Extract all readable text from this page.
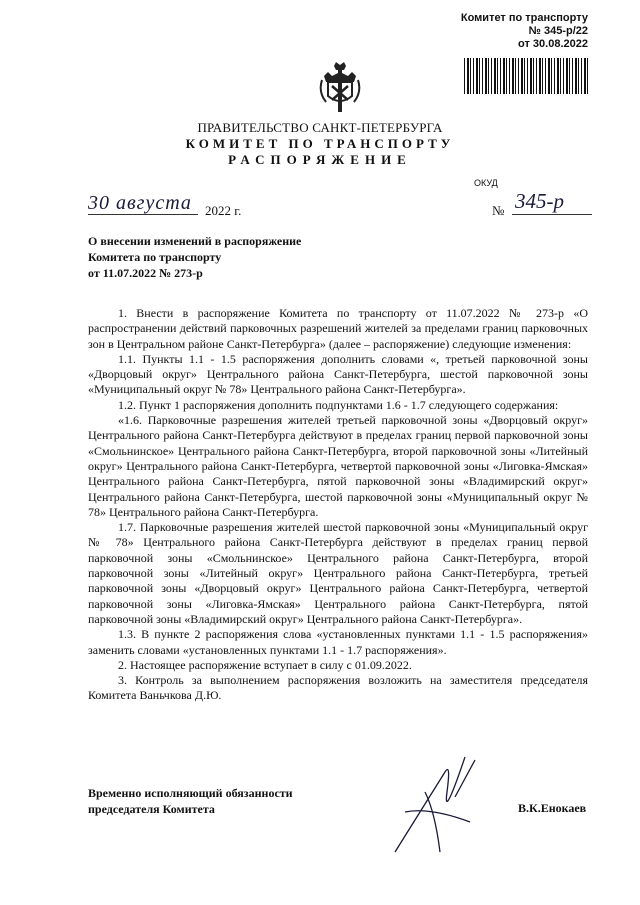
Комитет по транспорту
№ 345-р/22
от 30.08.2022
ПРАВИТЕЛЬСТВО САНКТ-ПЕТЕРБУРГА
КОМИТЕТ ПО ТРАНСПОРТУ
РАСПОРЯЖЕНИЕ
ОКУД
30 августа 2022 г.	№ 345-р
О внесении изменений в распоряжение
Комитета по транспорту
от 11.07.2022 № 273-р

1. Внести в распоряжение Комитета по транспорту от 11.07.2022 № 273-р «О распространении действий парковочных разрешений жителей за пределами границ парковочных зон в Центральном районе Санкт-Петербурга» (далее – распоряжение) следующие изменения:

1.1. Пункты 1.1 - 1.5 распоряжения дополнить словами «, третьей парковочной зоны «Дворцовый округ» Центрального района Санкт-Петербурга, шестой парковочной зоны «Муниципальный округ № 78» Центрального района Санкт-Петербурга».

1.2. Пункт 1 распоряжения дополнить подпунктами 1.6 - 1.7 следующего содержания:

«1.6. Парковочные разрешения жителей третьей парковочной зоны «Дворцовый округ» Центрального района Санкт-Петербурга действуют в пределах границ первой парковочной зоны «Смольнинское» Центрального района Санкт-Петербурга, второй парковочной зоны «Литейный округ» Центрального района Санкт-Петербурга, четвертой парковочной зоны «Лиговка-Ямская» Центрального района Санкт-Петербурга, пятой парковочной зоны «Владимирский округ» Центрального района Санкт-Петербурга, шестой парковочной зоны «Муниципальный округ № 78» Центрального района Санкт-Петербурга.

1.7. Парковочные разрешения жителей шестой парковочной зоны «Муниципальный округ № 78» Центрального района Санкт-Петербурга действуют в пределах границ первой парковочной зоны «Смольнинское» Центрального района Санкт-Петербурга, второй парковочной зоны «Литейный округ» Центрального района Санкт-Петербурга, третьей парковочной зоны «Дворцовый округ» Центрального района Санкт-Петербурга, четвертой парковочной зоны «Лиговка-Ямская» Центрального района Санкт-Петербурга, пятой парковочной зоны «Владимирский округ» Центрального района Санкт-Петербурга».

1.3. В пункте 2 распоряжения слова «установленных пунктами 1.1 - 1.5 распоряжения» заменить словами «установленных пунктами 1.1 - 1.7 распоряжения».

2. Настоящее распоряжение вступает в силу с 01.09.2022.

3. Контроль за выполнением распоряжения возложить на заместителя председателя Комитета Ваньчкова Д.Ю.

Временно исполняющий обязанности
председателя Комитета	В.К.Енокаев
